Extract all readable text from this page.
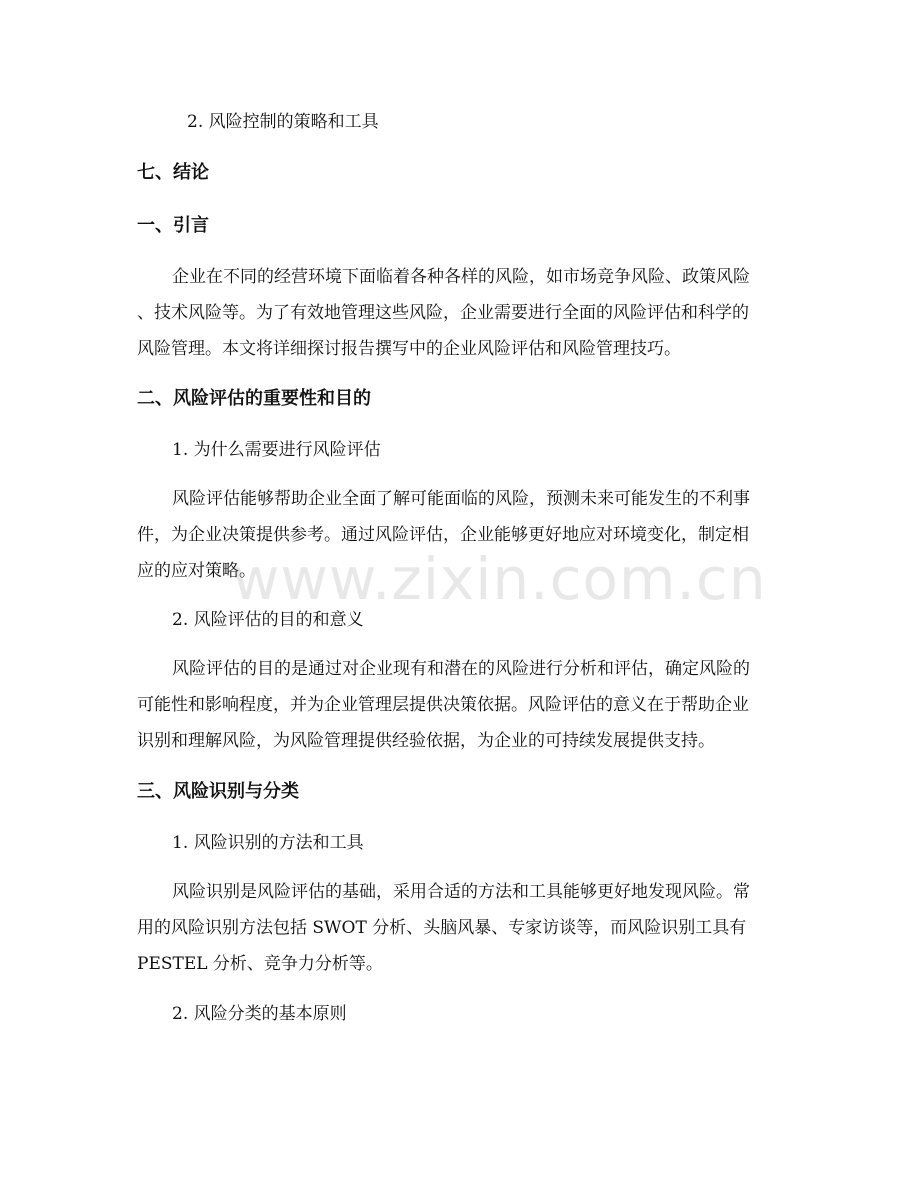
2. 风险控制的策略和工具
七、结论
一、引言
企业在不同的经营环境下面临着各种各样的风险，如市场竞争风险、政策风险
、技术风险等。为了有效地管理这些风险，企业需要进行全面的风险评估和科学的
风险管理。本文将详细探讨报告撰写中的企业风险评估和风险管理技巧。
二、风险评估的重要性和目的
1. 为什么需要进行风险评估
风险评估能够帮助企业全面了解可能面临的风险，预测未来可能发生的不利事
件，为企业决策提供参考。通过风险评估，企业能够更好地应对环境变化，制定相
应的应对策略。
2. 风险评估的目的和意义
风险评估的目的是通过对企业现有和潜在的风险进行分析和评估，确定风险的
可能性和影响程度，并为企业管理层提供决策依据。风险评估的意义在于帮助企业
识别和理解风险，为风险管理提供经验依据，为企业的可持续发展提供支持。
三、风险识别与分类
1. 风险识别的方法和工具
风险识别是风险评估的基础，采用合适的方法和工具能够更好地发现风险。常
用的风险识别方法包括 SWOT 分析、头脑风暴、专家访谈等，而风险识别工具有
PESTEL 分析、竞争力分析等。
2. 风险分类的基本原则
www.zixin.com.cn
